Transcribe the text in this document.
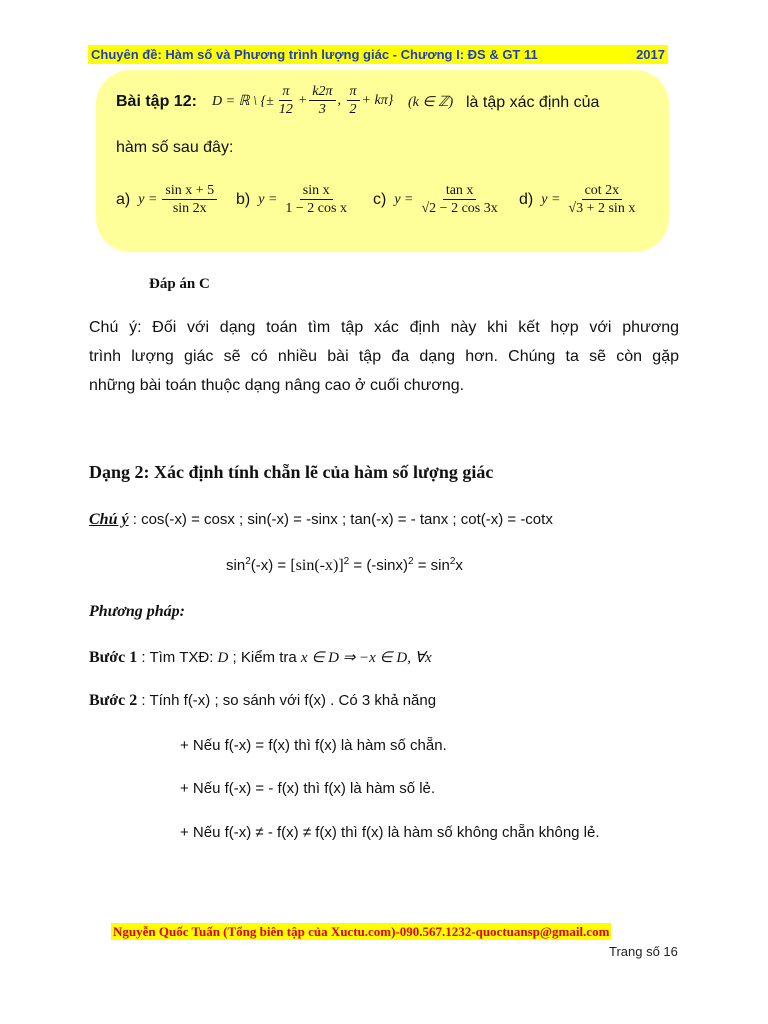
Chuyên đề: Hàm số và Phương trình lượng giác - Chương I: ĐS & GT 11	2017
Bài tập 12: D = ℝ \ {± $\frac{\pi}{12} + \frac{k2\pi}{3}$ , $\frac{\pi}{2} + k\pi$} (k ∈ ℤ) là tập xác định của
hàm số sau đây:
a) $y = \frac{\text{sin x + 5}}{\sin 2x} b$) $y = \frac{\text{sin x}}{\text{1 − 2 cos x}} c$) $y = \frac{\text{tan x}}{√2 - 2 \cos 3x} d$) $y = \frac{\cot 2x}{\text{√3 + 2 sin x}}$
Đáp án C
Chú ý: Đối với dạng toán tìm tập xác định này khi kết hợp với phương
trình lượng giác sẽ có nhiều bài tập đa dạng hơn. Chúng ta sẽ còn gặp
những bài toán thuộc dạng nâng cao ở cuối chương.
Dạng 2: Xác định tính chẵn lẽ của hàm số lượng giác
Chú ý : cos(-x) = cosx ; sin(-x) = -sinx ; tan(-x) = - tanx ; cot(-x) = -cotx
$\sin^2(-x) = [\sin(-x)]^2 = (-\sin x)^2 = \sin^2x$
Phương pháp:
Bước 1 : Tìm TXĐ: D ; Kiểm tra x ∈ D ⇒ −x ∈ D, ∀x
Bước 2 : Tính f(-x) ; so sánh với f(x) . Có 3 khả năng
+ Nếu f(-x) = f(x) thì f(x) là hàm số chẵn.
+ Nếu f(-x) = - f(x) thì f(x) là hàm số lẻ.
+ Nếu f(-x) ≠ - f(x) ≠ f(x) thì f(x) là hàm số không chẵn không lẻ.
Nguyễn Quốc Tuấn (Tổng biên tập của Xuctu.com)-090.567.1232-quoctuansp@gmail.com
Trang số 16
